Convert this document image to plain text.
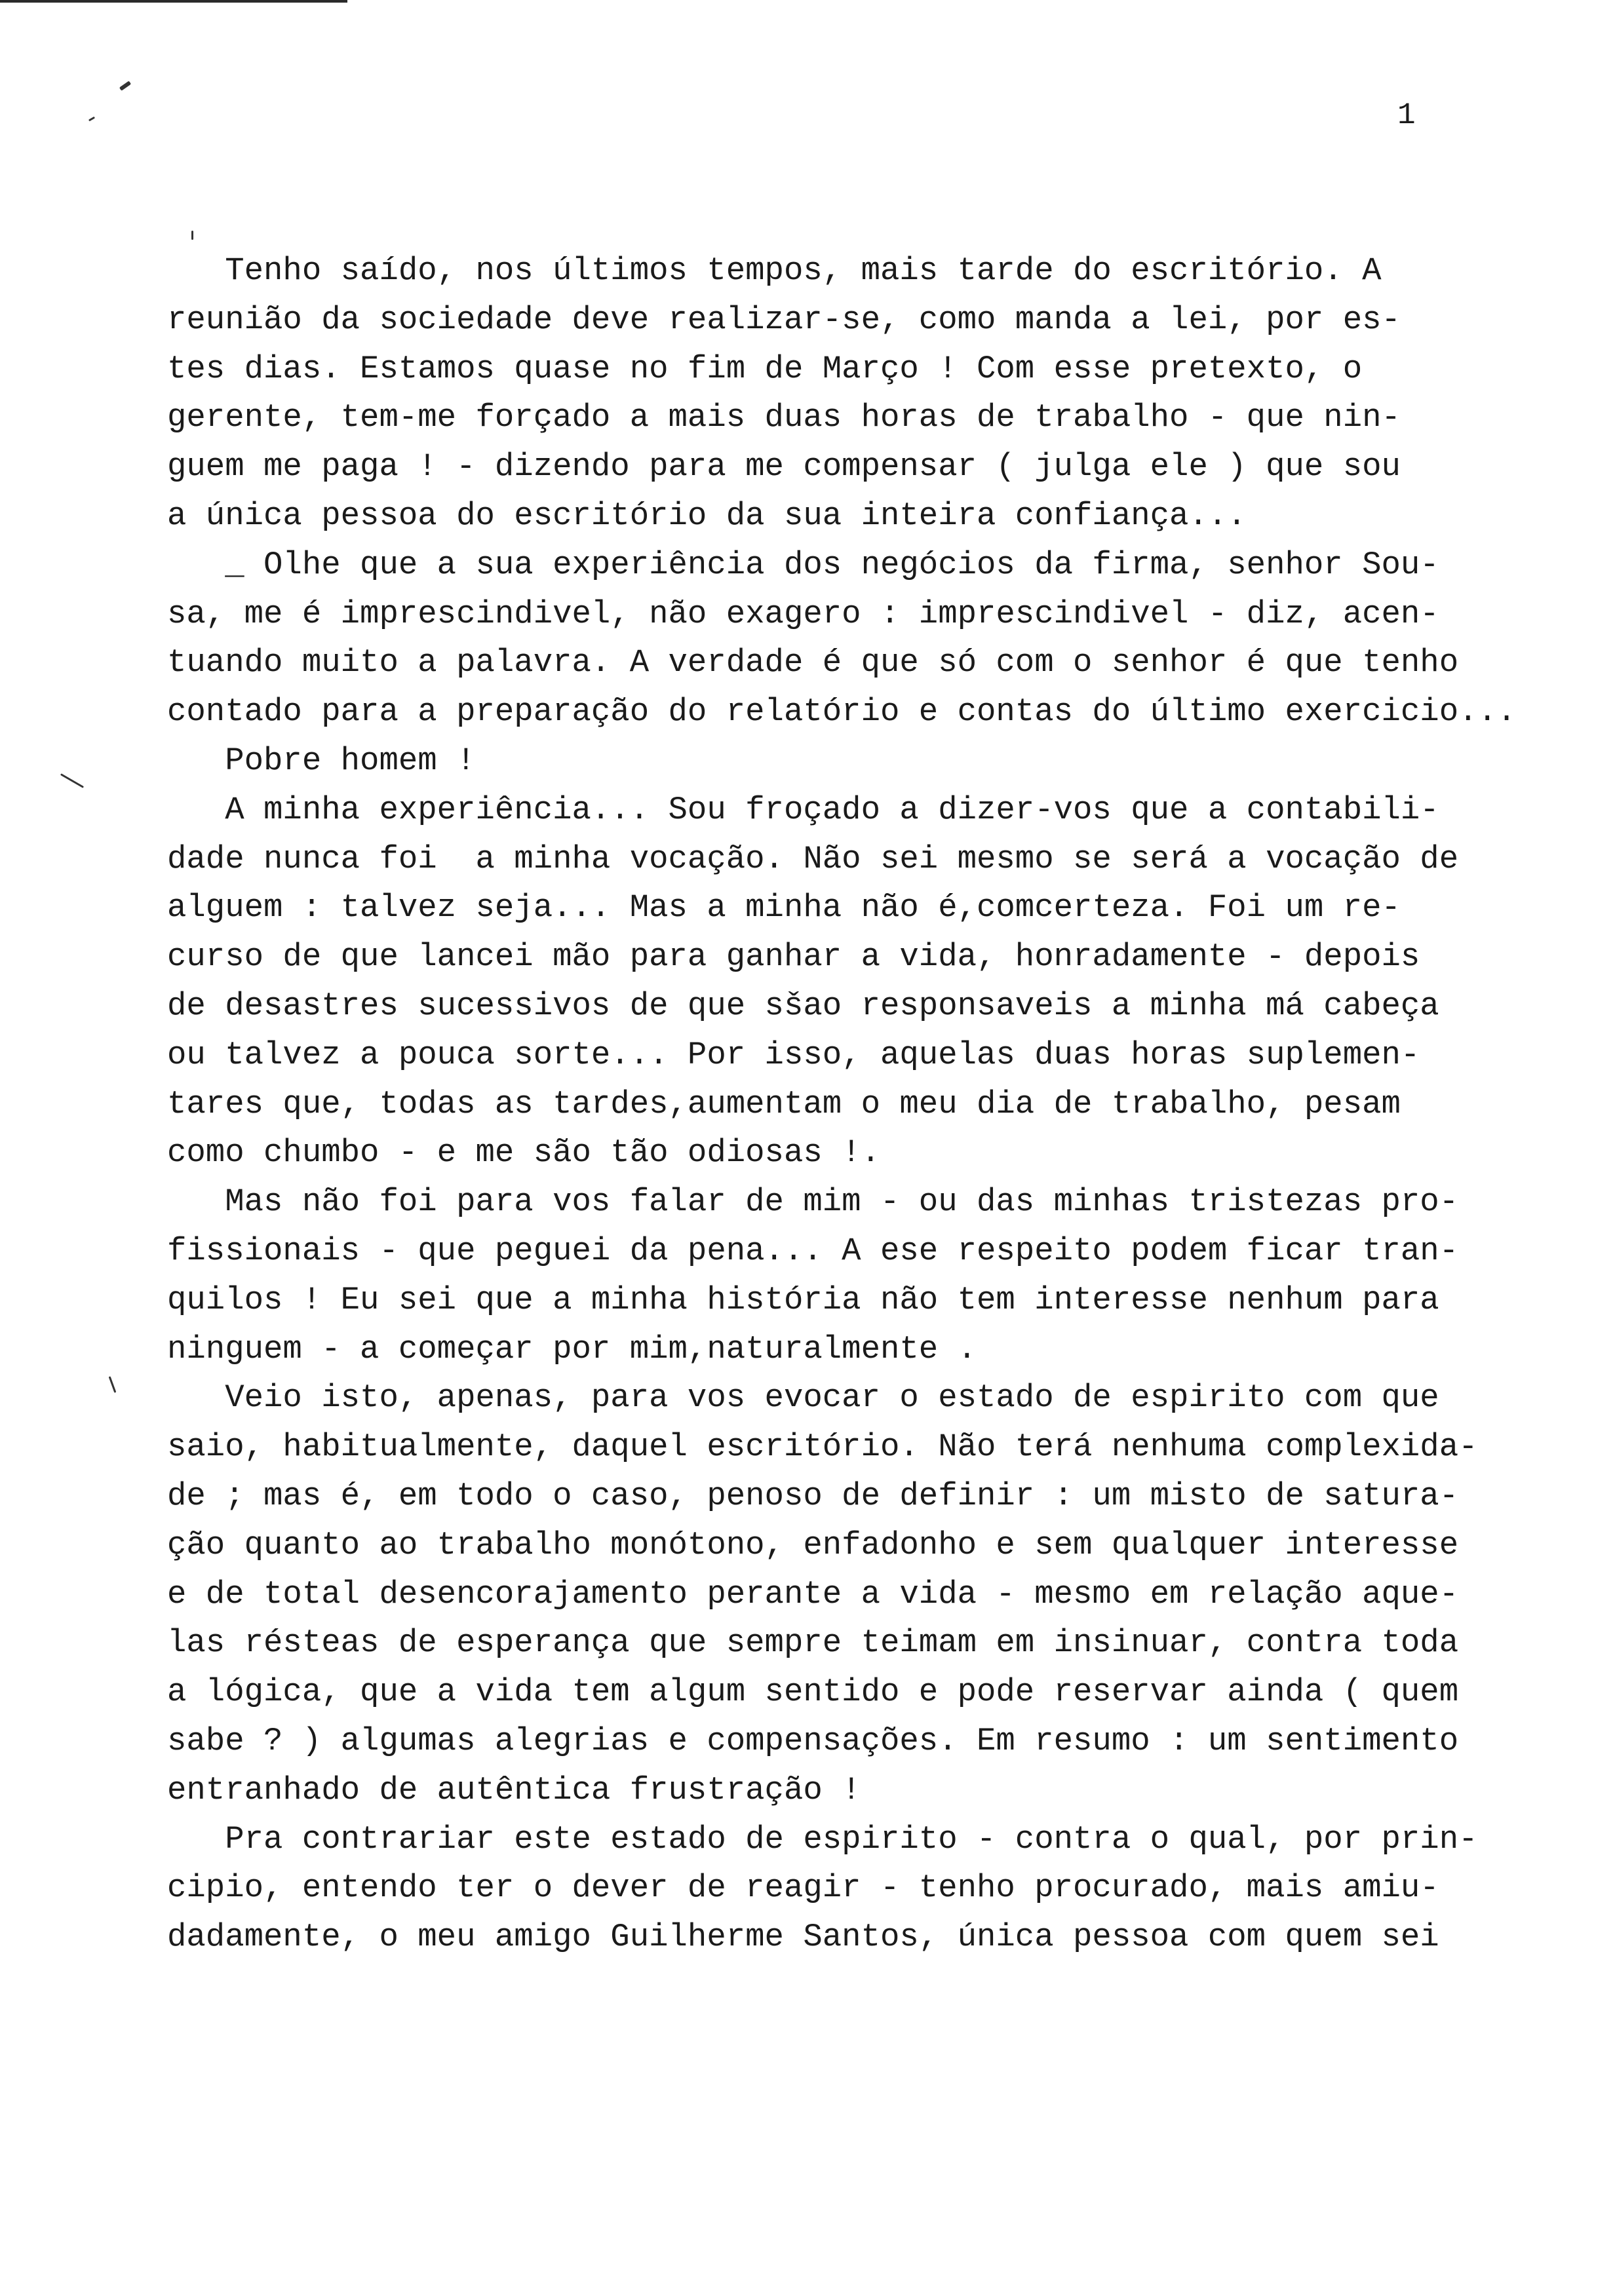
1
Tenho saído, nos últimos tempos, mais tarde do escritório. A
reunião da sociedade deve realizar-se, como manda a lei, por es-
tes dias. Estamos quase no fim de Março ! Com esse pretexto, o
gerente, tem-me forçado a mais duas horas de trabalho - que nin-
guem me paga ! - dizendo para me compensar ( julga ele ) que sou
a única pessoa do escritório da sua inteira confiança...
_ Olhe que a sua experiência dos negócios da firma, senhor Sou-
sa, me é imprescindivel, não exagero : imprescindivel - diz, acen-
tuando muito a palavra. A verdade é que só com o senhor é que tenho
contado para a preparação do relatório e contas do último exercicio...
Pobre homem !
A minha experiência... Sou froçado a dizer-vos que a contabili-
dade nunca foi  a minha vocação. Não sei mesmo se será a vocação de
alguem : talvez seja... Mas a minha não é,comcerteza. Foi um re-
curso de que lancei mão para ganhar a vida, honradamente - depois
de desastres sucessivos de que sšao responsaveis a minha má cabeça
ou talvez a pouca sorte... Por isso, aquelas duas horas suplemen-
tares que, todas as tardes,aumentam o meu dia de trabalho, pesam
como chumbo - e me são tão odiosas !.
Mas não foi para vos falar de mim - ou das minhas tristezas pro-
fissionais - que peguei da pena... A ese respeito podem ficar tran-
quilos ! Eu sei que a minha história não tem interesse nenhum para
ninguem - a começar por mim,naturalmente .
Veio isto, apenas, para vos evocar o estado de espirito com que
saio, habitualmente, daquel escritório. Não terá nenhuma complexida-
de ; mas é, em todo o caso, penoso de definir : um misto de satura-
ção quanto ao trabalho monótono, enfadonho e sem qualquer interesse
e de total desencorajamento perante a vida - mesmo em relação aque-
las résteas de esperança que sempre teimam em insinuar, contra toda
a lógica, que a vida tem algum sentido e pode reservar ainda ( quem
sabe ? ) algumas alegrias e compensações. Em resumo : um sentimento
entranhado de autêntica frustração !
Pra contrariar este estado de espirito - contra o qual, por prin-
cipio, entendo ter o dever de reagir - tenho procurado, mais amiu-
dadamente, o meu amigo Guilherme Santos, única pessoa com quem sei
